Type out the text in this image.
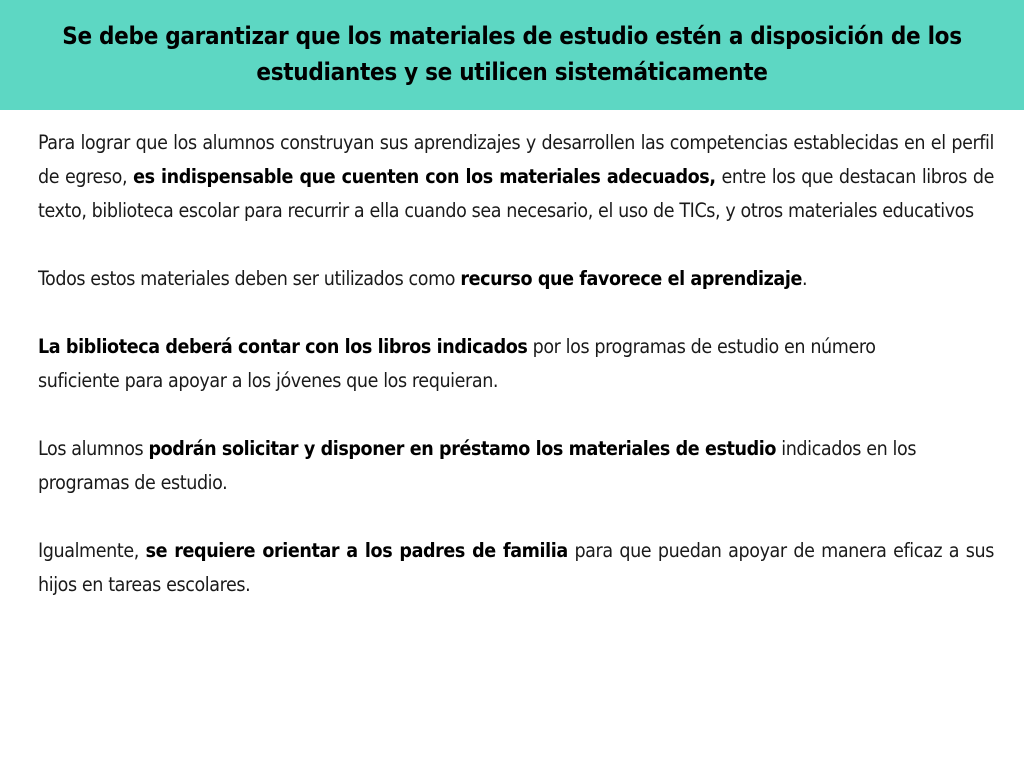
Se debe garantizar que los materiales de estudio estén a disposición de los estudiantes y se utilicen sistemáticamente

Para lograr que los alumnos construyan sus aprendizajes y desarrollen las competencias establecidas en el perfil de egreso, es indispensable que cuenten con los materiales adecuados, entre los que destacan libros de texto, biblioteca escolar para recurrir a ella cuando sea necesario, el uso de TICs, y otros materiales educativos

Todos estos materiales deben ser utilizados como recurso que favorece el aprendizaje.

La biblioteca deberá contar con los libros indicados por los programas de estudio en número suficiente para apoyar a los jóvenes que los requieran.

Los alumnos podrán solicitar y disponer en préstamo los materiales de estudio indicados en los programas de estudio.

Igualmente, se requiere orientar a los padres de familia para que puedan apoyar de manera eficaz a sus hijos en tareas escolares.
